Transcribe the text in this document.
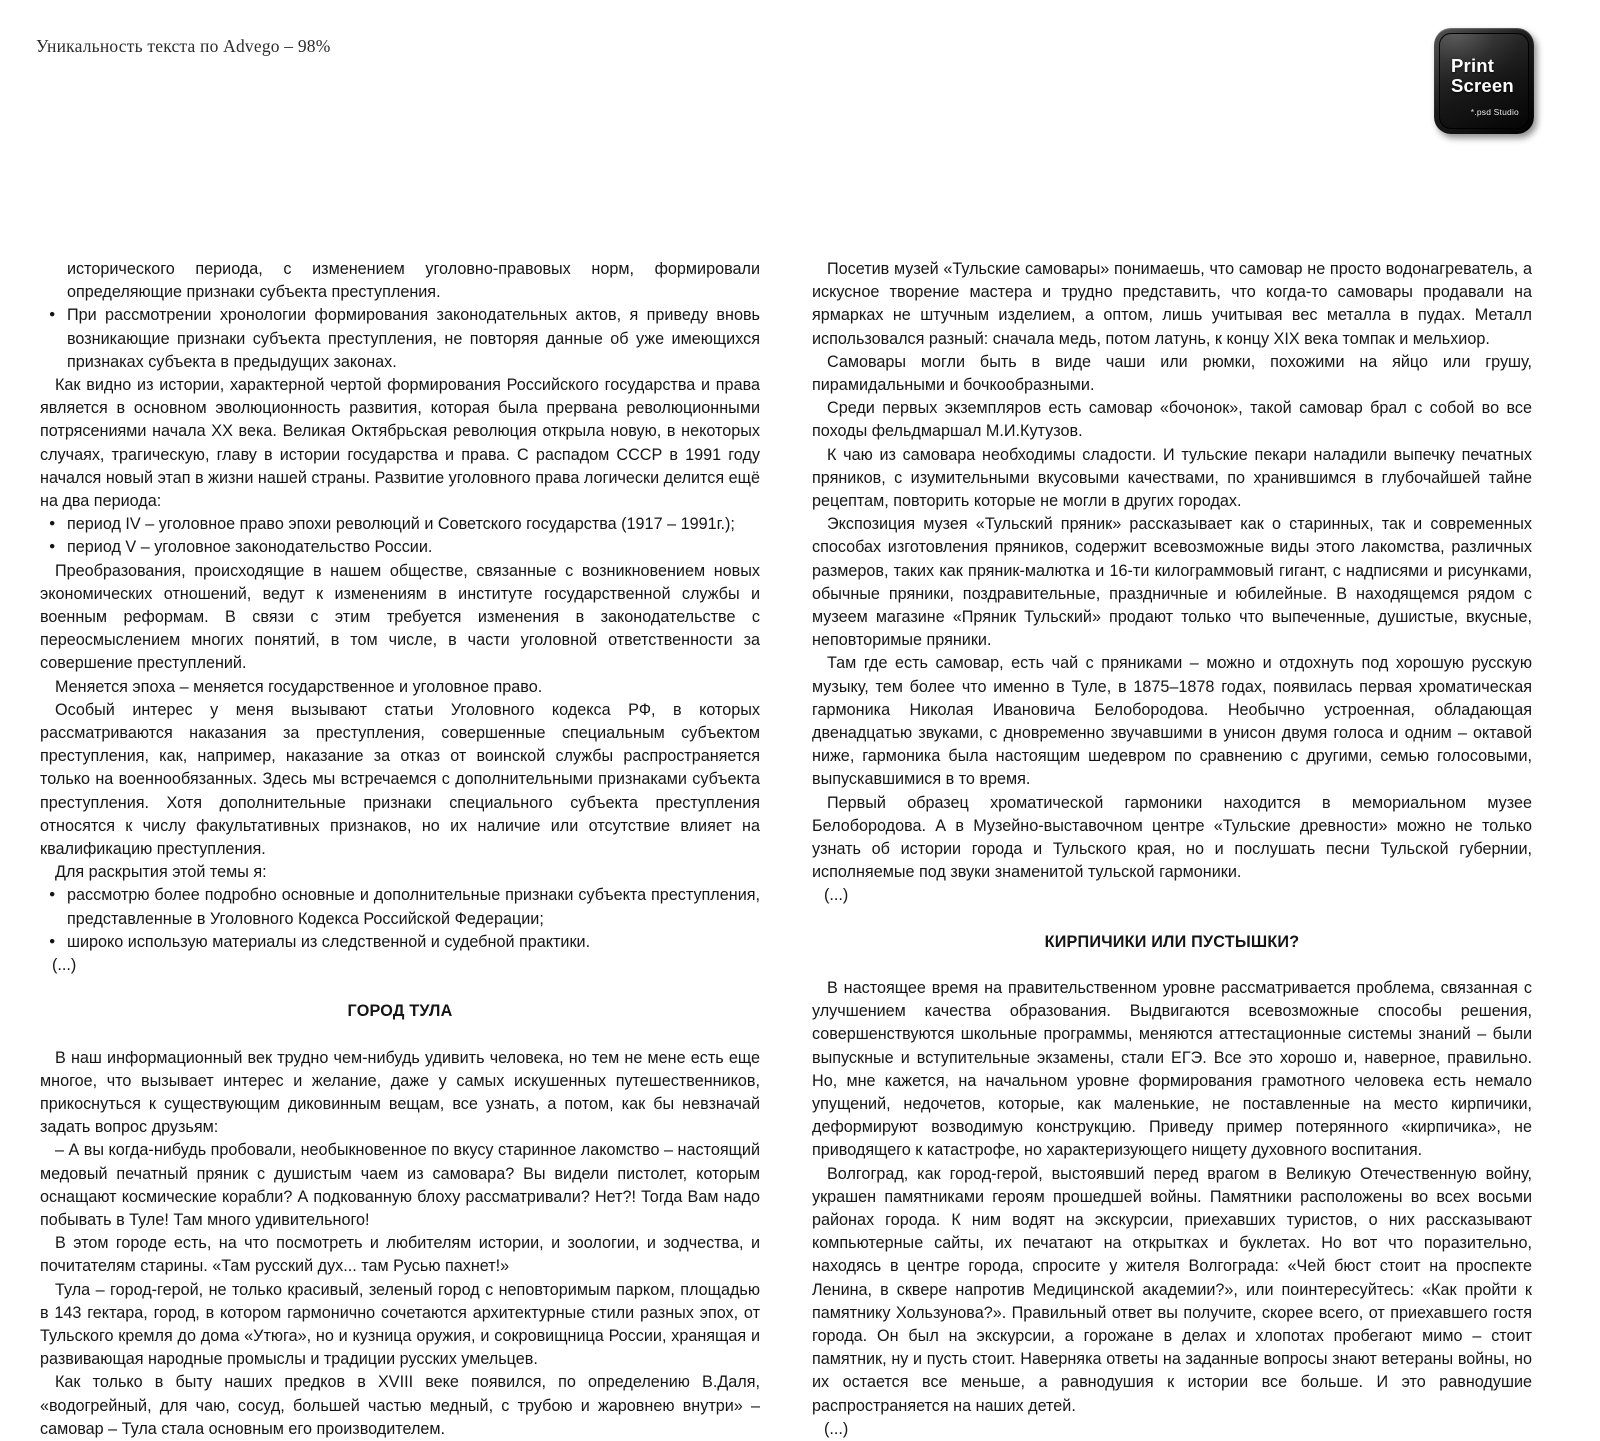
Уникальность текста по Advego – 98%
Print
Screen
*.psd Studio
исторического периода, с изменением уголовно-правовых норм, формировали определяющие признаки субъекта преступления.
● При рассмотрении хронологии формирования законодательных актов, я приведу вновь возникающие признаки субъекта преступления, не повторяя данные об уже имеющихся признаках субъекта в предыдущих законах.
Как видно из истории, характерной чертой формирования Российского государства и права является в основном эволюционность развития, которая была прервана революционными потрясениями начала XX века. Великая Октябрьская революция открыла новую, в некоторых случаях, трагическую, главу в истории государства и права. С распадом СССР в 1991 году начался новый этап в жизни нашей страны. Развитие уголовного права логически делится ещё на два периода:
● период IV – уголовное право эпохи революций и Советского государства (1917 – 1991г.);
● период V – уголовное законодательство России.
Преобразования, происходящие в нашем обществе, связанные с возникновением новых экономических отношений, ведут к изменениям в институте государственной службы и военным реформам. В связи с этим требуется изменения в законодательстве с переосмыслением многих понятий, в том числе, в части уголовной ответственности за совершение преступлений.
Меняется эпоха – меняется государственное и уголовное право.
Особый интерес у меня вызывают статьи Уголовного кодекса РФ, в которых рассматриваются наказания за преступления, совершенные специальным субъектом преступления, как, например, наказание за отказ от воинской службы распространяется только на военнообязанных. Здесь мы встречаемся с дополнительными признаками субъекта преступления. Хотя дополнительные признаки специального субъекта преступления относятся к числу факультативных признаков, но их наличие или отсутствие влияет на квалификацию преступления.
Для раскрытия этой темы я:
● рассмотрю более подробно основные и дополнительные признаки субъекта преступления, представленные в Уголовного Кодекса Российской Федерации;
● широко использую материалы из следственной и судебной практики.
(...)
ГОРОД ТУЛА
В наш информационный век трудно чем-нибудь удивить человека, но тем не мене есть еще многое, что вызывает интерес и желание, даже у самых искушенных путешественников, прикоснуться к существующим диковинным вещам, все узнать, а потом, как бы невзначай задать вопрос друзьям:
– А вы когда-нибудь пробовали, необыкновенное по вкусу старинное лакомство – настоящий медовый печатный пряник с душистым чаем из самовара? Вы видели пистолет, которым оснащают космические корабли? А подкованную блоху рассматривали? Нет?! Тогда Вам надо побывать в Туле! Там много удивительного!
В этом городе есть, на что посмотреть и любителям истории, и зоологии, и зодчества, и почитателям старины. «Там русский дух... там Русью пахнет!»
Тула – город-герой, не только красивый, зеленый город с неповторимым парком, площадью в 143 гектара, город, в котором гармонично сочетаются архитектурные стили разных эпох, от Тульского кремля до дома «Утюга», но и кузница оружия, и сокровищница России, хранящая и развивающая народные промыслы и традиции русских умельцев.
Как только в быту наших предков в XVIII веке появился, по определению В.Даля, «водогрейный, для чаю, сосуд, большей частью медный, с трубою и жаровнею внутри» – самовар – Тула стала основным его производителем.
Посетив музей «Тульские самовары» понимаешь, что самовар не просто водонагреватель, а искусное творение мастера и трудно представить, что когда-то самовары продавали на ярмарках не штучным изделием, а оптом, лишь учитывая вес металла в пудах. Металл использовался разный: сначала медь, потом латунь, к концу XIX века томпак и мельхиор.
Самовары могли быть в виде чаши или рюмки, похожими на яйцо или грушу, пирамидальными и бочкообразными.
Среди первых экземпляров есть самовар «бочонок», такой самовар брал с собой во все походы фельдмаршал М.И.Кутузов.
К чаю из самовара необходимы сладости. И тульские пекари наладили выпечку печатных пряников, с изумительными вкусовыми качествами, по хранившимся в глубочайшей тайне рецептам, повторить которые не могли в других городах.
Экспозиция музея «Тульский пряник» рассказывает как о старинных, так и современных способах изготовления пряников, содержит всевозможные виды этого лакомства, различных размеров, таких как пряник-малютка и 16-ти килограммовый гигант, с надписями и рисунками, обычные пряники, поздравительные, праздничные и юбилейные. В находящемся рядом с музеем магазине «Пряник Тульский» продают только что выпеченные, душистые, вкусные, неповторимые пряники.
Там где есть самовар, есть чай с пряниками – можно и отдохнуть под хорошую русскую музыку, тем более что именно в Туле, в 1875–1878 годах, появилась первая хроматическая гармоника Николая Ивановича Белобородова. Необычно устроенная, обладающая двенадцатью звуками, с дновременно звучавшими в унисон двумя голоса и одним – октавой ниже, гармоника была настоящим шедевром по сравнению с другими, семью голосовыми, выпускавшимися в то время.
Первый образец хроматической гармоники находится в мемориальном музее Белобородова. А в Музейно-выставочном центре «Тульские древности» можно не только узнать об истории города и Тульского края, но и послушать песни Тульской губернии, исполняемые под звуки знаменитой тульской гармоники.
(...)
КИРПИЧИКИ ИЛИ ПУСТЫШКИ?
В настоящее время на правительственном уровне рассматривается проблема, связанная с улучшением качества образования. Выдвигаются всевозможные способы решения, совершенствуются школьные программы, меняются аттестационные системы знаний – были выпускные и вступительные экзамены, стали ЕГЭ. Все это хорошо и, наверное, правильно. Но, мне кажется, на начальном уровне формирования грамотного человека есть немало упущений, недочетов, которые, как маленькие, не поставленные на место кирпичики, деформируют возводимую конструкцию. Приведу пример потерянного «кирпичика», не приводящего к катастрофе, но характеризующего нищету духовного воспитания.
Волгоград, как город-герой, выстоявший перед врагом в Великую Отечественную войну, украшен памятниками героям прошедшей войны. Памятники расположены во всех восьми районах города. К ним водят на экскурсии, приехавших туристов, о них рассказывают компьютерные сайты, их печатают на открытках и буклетах. Но вот что поразительно, находясь в центре города, спросите у жителя Волгограда: «Чей бюст стоит на проспекте Ленина, в сквере напротив Медицинской академии?», или поинтересуйтесь: «Как пройти к памятнику Хользунова?». Правильный ответ вы получите, скорее всего, от приехавшего гостя города. Он был на экскурсии, а горожане в делах и хлопотах пробегают мимо – стоит памятник, ну и пусть стоит. Наверняка ответы на заданные вопросы знают ветераны войны, но их остается все меньше, а равнодушия к истории все больше. И это равнодушие распространяется на наших детей.
(...)
